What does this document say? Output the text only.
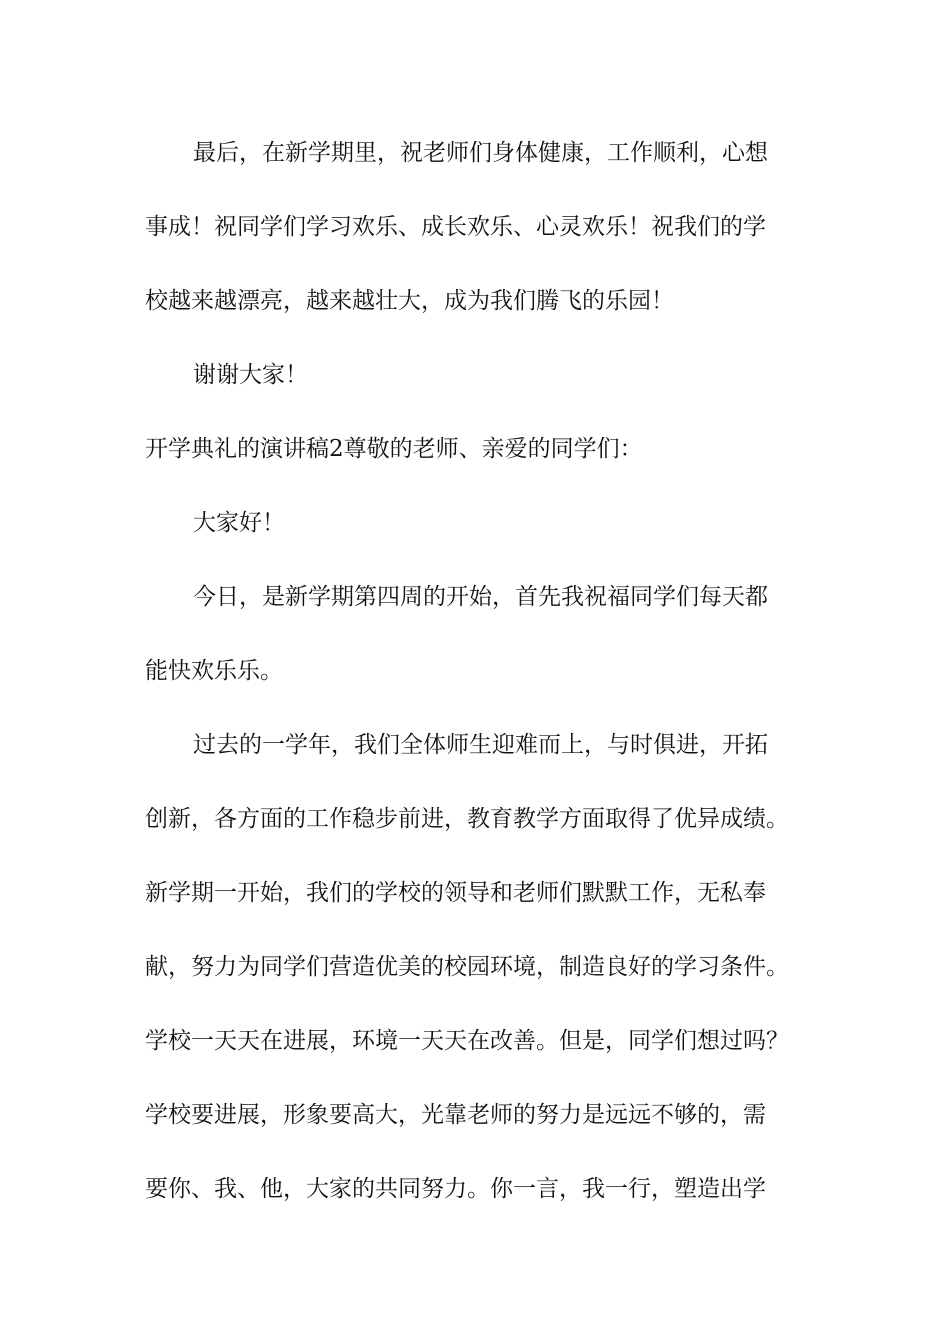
最后，在新学期里，祝老师们身体健康，工作顺利，心想
事成！祝同学们学习欢乐、成长欢乐、心灵欢乐！祝我们的学
校越来越漂亮，越来越壮大，成为我们腾飞的乐园！
谢谢大家！
开学典礼的演讲稿2尊敬的老师、亲爱的同学们：
大家好！
今日，是新学期第四周的开始，首先我祝福同学们每天都
能快欢乐乐。
过去的一学年，我们全体师生迎难而上，与时俱进，开拓
创新，各方面的工作稳步前进，教育教学方面取得了优异成绩。
新学期一开始，我们的学校的领导和老师们默默工作，无私奉
献，努力为同学们营造优美的校园环境，制造良好的学习条件。
学校一天天在进展，环境一天天在改善。但是，同学们想过吗？
学校要进展，形象要高大，光靠老师的努力是远远不够的，需
要你、我、他，大家的共同努力。你一言，我一行，塑造出学
